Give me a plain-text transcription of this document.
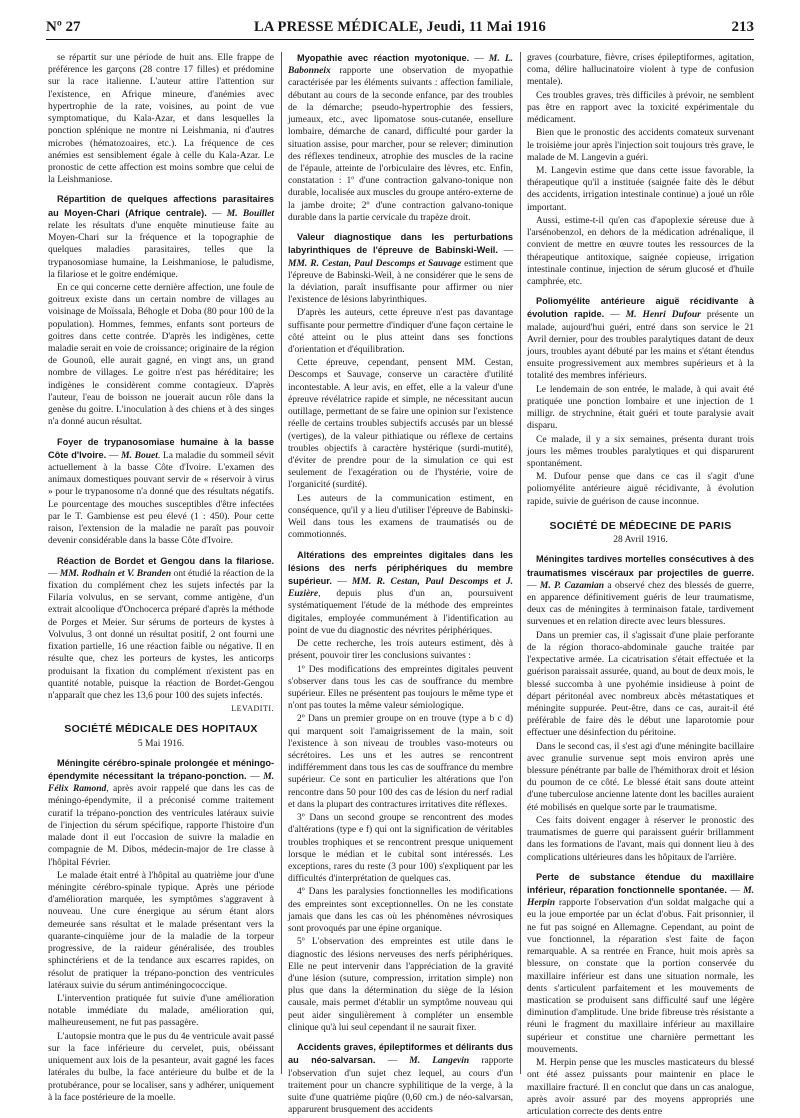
Nº 27	LA PRESSE MÉDICALE, Jeudi, 11 Mai 1916	213

se répartit sur une période de huit ans. Elle frappe de préférence les garçons (28 contre 17 filles) et prédomine sur la race italienne. L'auteur attire l'attention sur l'existence, en Afrique mineure, d'anémies avec hypertrophie de la rate, voisines, au point de vue symptomatique, du Kala-Azar, et dans lesquelles la ponction splénique ne montre ni Leishmania, ni d'autres microbes (hématozoaires, etc.). La fréquence de ces anémies est sensiblement égale à celle du Kala-Azar. Le pronostic de cette affection est moins sombre que celui de la Leishmaniose.

Répartition de quelques affections parasitaires au Moyen-Chari (Afrique centrale). — M. Bouillet relate les résultats d'une enquête minutieuse faite au Moyen-Chari sur la fréquence et la topographie de quelques maladies parasitaires, telles que la trypanosomiase humaine, la Leishmaniose, le paludisme, la filariose et le goitre endémique.

En ce qui concerne cette dernière affection, une foule de goitreux existe dans un certain nombre de villages au voisinage de Moïssala, Béhogle et Doba (80 pour 100 de la population). Hommes, femmes, enfants sont porteurs de goitres dans cette contrée. D'après les indigènes, cette maladie serait en voie de croissance; originaire de la région de Gounoû, elle aurait gagné, en vingt ans, un grand nombre de villages. Le goitre n'est pas héréditaire; les indigènes le considèrent comme contagieux. D'après l'auteur, l'eau de boisson ne jouerait aucun rôle dans la genèse du goitre. L'inoculation à des chiens et à des singes n'a donné aucun résultat.

Foyer de trypanosomiase humaine à la basse Côte d'Ivoire. — M. Bouet. La maladie du sommeil sévit actuellement à la basse Côte d'Ivoire. L'examen des animaux domestiques pouvant servir de « réservoir à virus » pour le trypanosome n'a donné que des résultats négatifs. Le pourcentage des mouches susceptibles d'être infectées par le T. Gambiense est peu élevé (1 : 450). Pour cette raison, l'extension de la maladie ne paraît pas pouvoir devenir considérable dans la basse Côte d'Ivoire.

Réaction de Bordet et Gengou dans la filariose. — MM. Rodhain et V. Branden ont étudié la réaction de la fixation du complément chez les sujets infectés par la Filaria volvulus, en se servant, comme antigène, d'un extrait alcoolique d'Onchocerca préparé d'après la méthode de Porges et Meier. Sur sérums de porteurs de kystes à Volvulus, 3 ont donné un résultat positif, 2 ont fourni une fixation partielle, 16 une réaction faible ou négative. Il en résulte que, chez les porteurs de kystes, les anticorps produisant la fixation du complément n'existent pas en quantité notable, puisque la réaction de Bordet-Gengou n'apparaît que chez les 13,6 pour 100 des sujets infectés.

LEVADITI.

SOCIÉTÉ MÉDICALE DES HOPITAUX

5 Mai 1916.

Méningite cérébro-spinale prolongée et méningo-épendymite nécessitant la trépano-ponction. — M. Félix Ramond, après avoir rappelé que dans les cas de méningo-épendymite, il a préconisé comme traitement curatif la trépano-ponction des ventricules latéraux suivie de l'injection du sérum spécifique, rapporte l'histoire d'un malade dont il eut l'occasion de suivre la maladie en compagnie de M. Dibos, médecin-major de 1re classe à l'hôpital Février.

Le malade était entré à l'hôpital au quatrième jour d'une méningite cérébro-spinale typique. Après une période d'amélioration marquée, les symptômes s'aggravent à nouveau. Une cure énergique au sérum étant alors demeurée sans résultat et le malade présentant vers la quarante-cinquième jour de la maladie de la torpeur progressive, de la raideur généralisée, des troubles sphinctériens et de la tendance aux escarres rapides, on résolut de pratiquer la trépano-ponction des ventricules latéraux suivie du sérum antiméningococcique.

L'intervention pratiquée fut suivie d'une amélioration notable immédiate du malade, amélioration qui, malheureusement, ne fut pas passagère.

L'autopsie montra que le pus du 4e ventricule avait passé sur la face inférieure du cervelet, puis, obéissant uniquement aux lois de la pesanteur, avait gagné les faces latérales du bulbe, la face antérieure du bulbe et de la protubérance, pour se localiser, sans y adhérer, uniquement à la face postérieure de la moelle.

Myopathie avec réaction myotonique. — M. L. Babonneix rapporte une observation de myopathie caractérisée par les éléments suivants : affection familiale, débutant au cours de la seconde enfance, par des troubles de la démarche; pseudo-hypertrophie des fessiers, jumeaux, etc., avec lipomatose sous-cutanée, ensellure lombaire, démarche de canard, difficulté pour garder la situation assise, pour marcher, pour se relever; diminution des réflexes tendineux, atrophie des muscles de la racine de l'épaule, atteinte de l'orbiculaire des lèvres, etc. Enfin, constatation : 1º d'une contraction galvano-tonique non durable, localisée aux muscles du groupe antéro-externe de la jambe droite; 2º d'une contraction galvano-tonique durable dans la partie cervicale du trapèze droit.

Valeur diagnostique dans les perturbations labyrinthiques de l'épreuve de Babinski-Weil. — MM. R. Cestan, Paul Descomps et Sauvage estiment que l'épreuve de Babinski-Weil, à ne considérer que le sens de la déviation, paraît insuffisante pour affirmer ou nier l'existence de lésions labyrinthiques.

D'après les auteurs, cette épreuve n'est pas davantage suffisante pour permettre d'indiquer d'une façon certaine le côté atteint ou le plus atteint dans ses fonctions d'orientation et d'équilibration.

Cette épreuve, cependant, pensent MM. Cestan, Descomps et Sauvage, conserve un caractère d'utilité incontestable. A leur avis, en effet, elle a la valeur d'une épreuve révélatrice rapide et simple, ne nécessitant aucun outillage, permettant de se faire une opinion sur l'existence réelle de certains troubles subjectifs accusés par un blessé (vertiges), de la valeur pithiatique ou réflexe de certains troubles objectifs à caractère hystérique (surdi-mutité), d'éviter de prendre pour de la simulation ce qui est seulement de l'exagération ou de l'hystérie, voire de l'organicité (surdité).

Les auteurs de la communication estiment, en conséquence, qu'il y a lieu d'utiliser l'épreuve de Babinski-Weil dans tous les examens de traumatisés ou de commotionnés.

Altérations des empreintes digitales dans les lésions des nerfs périphériques du membre supérieur. — MM. R. Cestan, Paul Descomps et J. Euzière, depuis plus d'un an, poursuivent systématiquement l'étude de la méthode des empreintes digitales, employée communément à l'identification au point de vue du diagnostic des névrites périphériques.

De cette recherche, les trois auteurs estiment, dès à présent, pouvoir tirer les conclusions suivantes :

1º Des modifications des empreintes digitales peuvent s'observer dans tous les cas de souffrance du membre supérieur. Elles ne présentent pas toujours le même type et n'ont pas toutes la même valeur sémiologique.

2º Dans un premier groupe on en trouve (type a b c d) qui marquent soit l'amaigrissement de la main, soit l'existence à son niveau de troubles vaso-moteurs ou sécrétoires. Les uns et les autres se rencontrent indifféremment dans tous les cas de souffrance du membre supérieur. Ce sont en particulier les altérations que l'on rencontre dans 50 pour 100 des cas de lésion du nerf radial et dans la plupart des contractures irritatives dite réflexes.

3º Dans un second groupe se rencontrent des modes d'altérations (type e f) qui ont la signification de véritables troubles trophiques et se rencontrent presque uniquement lorsque le médian et le cubital sont intéressés. Les exceptions, rares du reste (3 pour 100) s'expliquent par les difficultés d'interprétation de quelques cas.

4º Dans les paralysies fonctionnelles les modifications des empreintes sont exceptionnelles. On ne les constate jamais que dans les cas où les phénomènes névrosiques sont provoqués par une épine organique.

5º L'observation des empreintes est utile dans le diagnostic des lésions nerveuses des nerfs périphériques. Elle ne peut intervenir dans l'appréciation de la gravité d'une lésion (suture, compression, irritation simple) non plus que dans la détermination du siège de la lésion causale, mais permet d'établir un symptôme nouveau qui peut aider singulièrement à compléter un ensemble clinique qu'à lui seul cependant il ne saurait fixer.

Accidents graves, épileptiformes et délirants dus au néo-salvarsan. — M. Langevin rapporte l'observation d'un sujet chez lequel, au cours d'un traitement pour un chancre syphilitique de la verge, à la suite d'une quatrième piqûre (0,60 cm.) de néo-salvarsan, apparurent brusquement des accidents

graves (courbature, fièvre, crises épileptiformes, agitation, coma, délire hallucinatoire violent à type de confusion mentale).

Ces troubles graves, très difficiles à prévoir, ne semblent pas être en rapport avec la toxicité expérimentale du médicament.

Bien que le pronostic des accidents comateux survenant le troisième jour après l'injection soit toujours très grave, le malade de M. Langevin a guéri.

M. Langevin estime que dans cette issue favorable, la thérapeutique qu'il a instituée (saignée faite dès le début des accidents, irrigation intestinale continue) a joué un rôle important.

Aussi, estime-t-il qu'en cas d'apoplexie séreuse due à l'arsénobenzol, en dehors de la médication adrénalique, il convient de mettre en œuvre toutes les ressources de la thérapeutique antitoxique, saignée copieuse, irrigation intestinale continue, injection de sérum glucosé et d'huile camphrée, etc.

Poliomyélite antérieure aiguë récidivante à évolution rapide. — M. Henri Dufour présente un malade, aujourd'hui guéri, entré dans son service le 21 Avril dernier, pour des troubles paralytiques datant de deux jours, troubles ayant débuté par les mains et s'étant étendus ensuite progressivement aux membres supérieurs et à la totalité des membres inférieurs.

Le lendemain de son entrée, le malade, à qui avait été pratiquée une ponction lombaire et une injection de 1 milligr. de strychnine, était guéri et toute paralysie avait disparu.

Ce malade, il y a six semaines, présenta durant trois jours les mêmes troubles paralytiques et qui disparurent spontanément.

M. Dufour pense que dans ce cas il s'agit d'une poliomyélite antérieure aiguë récidivante, à évolution rapide, suivie de guérison de cause inconnue.

SOCIÉTÉ DE MÉDECINE DE PARIS

28 Avril 1916.

Méningites tardives mortelles consécutives à des traumatismes viscéraux par projectiles de guerre. — M. P. Cazamian a observé chez des blessés de guerre, en apparence définitivement guéris de leur traumatisme, deux cas de méningites à terminaison fatale, tardivement survenues et en relation directe avec leurs blessures.

Dans un premier cas, il s'agissait d'une plaie perforante de la région thoraco-abdominale gauche traitée par l'expectative armée. La cicatrisation s'était effectuée et la guérison paraissait assurée, quand, au bout de deux mois, le blessé succomba à une pyohémie insidieuse à point de départ péritonéal avec nombreux abcès métastatiques et méningite suppurée. Peut-être, dans ce cas, aurait-il été préférable de faire dès le début une laparotomie pour effectuer une désinfection du péritoine.

Dans le second cas, il s'est agi d'une méningite bacillaire avec granulie survenue sept mois environ après une blessure pénétrante par balle de l'hémithorax droit et lésion du poumon de ce côté. Le blessé était sans doute atteint d'une tuberculose ancienne latente dont les bacilles auraient été mobilisés en quelque sorte par le traumatisme.

Ces faits doivent engager à réserver le pronostic des traumatismes de guerre qui paraissent guérir brillamment dans les formations de l'avant, mais qui donnent lieu à des complications ultérieures dans les hôpitaux de l'arrière.

Perte de substance étendue du maxillaire inférieur, réparation fonctionnelle spontanée. — M. Herpin rapporte l'observation d'un soldat malgache qui a eu la joue emportée par un éclat d'obus. Fait prisonnier, il ne fut pas soigné en Allemagne. Cependant, au point de vue fonctionnel, la réparation s'est faite de façon remarquable. A sa rentrée en France, huit mois après sa blessure, on constate que la portion conservée du maxillaire inférieur est dans une situation normale, les dents s'articulent parfaitement et les mouvements de mastication se produisent sans difficulté sauf une légère diminution d'amplitude. Une bride fibreuse très résistante a réuni le fragment du maxillaire inférieur au maxillaire supérieur et constitue une charnière permettant les mouvements.

M. Herpin pense que les muscles masticateurs du blessé ont été assez puissants pour maintenir en place le maxillaire fracturé. Il en conclut que dans un cas analogue, après avoir assuré par des moyens appropriés une articulation correcte des dents entre
